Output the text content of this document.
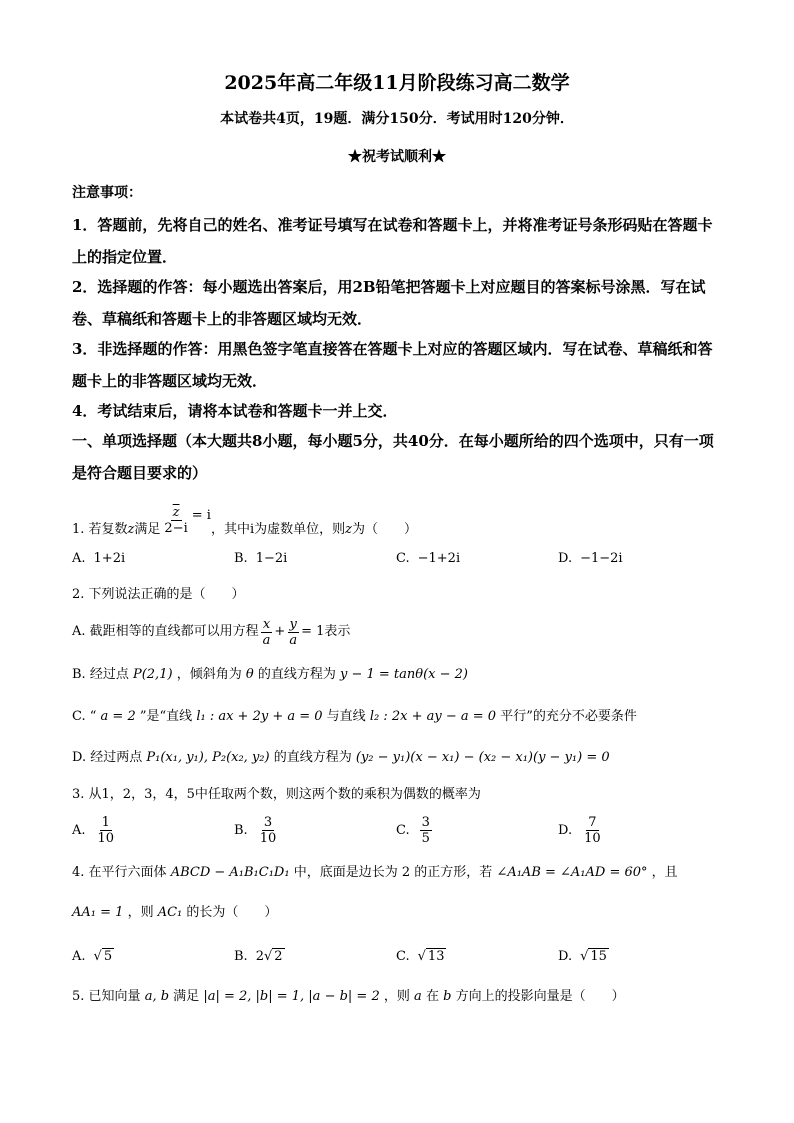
2025年高二年级11月阶段练习高二数学
本试卷共4页，19题．满分150分．考试用时120分钟．
★祝考试顺利★
注意事项：
1．答题前，先将自己的姓名、准考证号填写在试卷和答题卡上，并将准考证号条形码贴在答题卡上的指定位置．
2．选择题的作答：每小题选出答案后，用2B铅笔把答题卡上对应题目的答案标号涂黑．写在试卷、草稿纸和答题卡上的非答题区域均无效．
3．非选择题的作答：用黑色签字笔直接答在答题卡上对应的答题区域内．写在试卷、草稿纸和答题卡上的非答题区域均无效．
4．考试结束后，请将本试卷和答题卡一并上交．
一、单项选择题（本大题共8小题，每小题5分，共40分．在每小题所给的四个选项中，只有一项是符合题目要求的）
1. 若复数 z 满足 $\frac{\overline{z}}{2-i} = i$
，其中 i 为虚数单位，则 z 为（　　）
A. 1+2i	B. 1−2i	C. −1+2i	D. −1−2i
2. 下列说法正确的是（　　）
A. 截距相等的直线都可以用方程 $\frac{x}{a} + \frac{y}{a} = 1$ 表示
B. 经过点 P(2,1) ，倾斜角为 θ 的直线方程为 y − 1 = tanθ(x − 2)
C. “ a = 2 ”是“直线 l₁ : ax + 2y + a = 0 与直线 l₂ : 2x + ay − a = 0 平行”的充分不必要条件
D. 经过两点 P₁(x₁, y₁), P₂(x₂, y₂) 的直线方程为 (y₂ − y₁)(x − x₁) − (x₂ − x₁)(y − y₁) = 0
3. 从1，2，3，4，5中任取两个数，则这两个数的乘积为偶数的概率为
A. $\frac{1}{10}$	B. $\frac{3}{10}$	C. $\frac{3}{5}$	D. $\frac{7}{10}$
4. 在平行六面体 ABCD − A₁B₁C₁D₁ 中，底面是边长为 2 的正方形，若 ∠A₁AB = ∠A₁AD = 60° ，且
AA₁ = 1 ，则 AC₁ 的长为（　　）
A. √ 5	B. 2 √ 2	C. √ 13	D. √ 15
5. 已知向量 a, b 满足 |a| = 2, |b| = 1, |a − b| = 2 ，则 a 在 b 方向上的投影向量是（　　）
